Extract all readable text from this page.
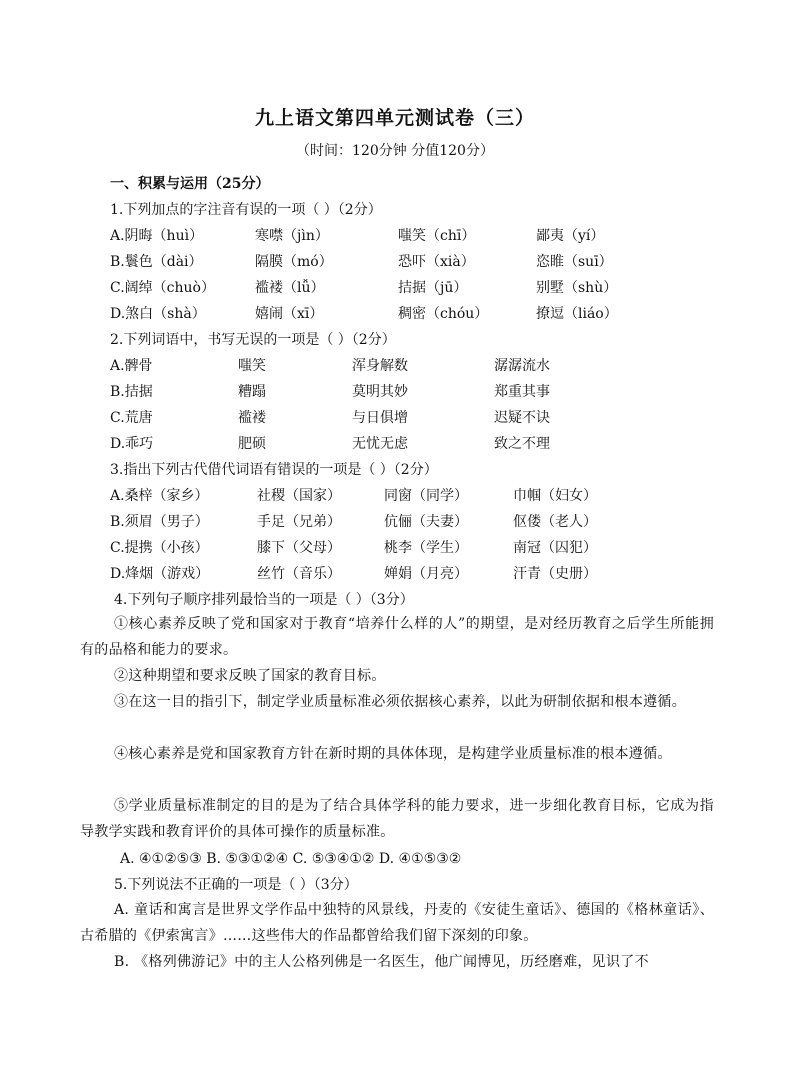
九上语文第四单元测试卷（三）
（时间：120分钟 分值120分）
一、积累与运用（25分）
1.下列加点的字注音有误的一项（ ）（2分）
A.阴晦（huì）	寒噤（jìn）	嗤笑（chī）	鄙夷（yí）
B.鬟色（dài）	隔膜（mó）	恐吓（xià）	恣睢（suī）
C.阔绰（chuò）	褴褛（lǚ）	拮据（jū）	别墅（shù）
D.煞白（shà）	嬉闹（xī）	稠密（chóu）	撩逗（liáo）
2.下列词语中，书写无误的一项是（ ）（2分）
A.髀骨	嗤笑	浑身解数	潺潺流水
B.拮据	糟蹋	莫明其妙	郑重其事
C.荒唐	褴褛	与日俱增	迟疑不诀
D.乖巧	肥硕	无忧无虑	致之不理
3.指出下列古代借代词语有错误的一项是（ ）（2分）
A.桑梓（家乡）	社稷（国家）	同窗（同学）	巾帼（妇女）
B.须眉（男子）	手足（兄弟）	伉俪（夫妻）	伛偻（老人）
C.提携（小孩）	膝下（父母）	桃李（学生）	南冠（囚犯）
D.烽烟（游戏）	丝竹（音乐）	婵娟（月亮）	汗青（史册）
4.下列句子顺序排列最恰当的一项是（ ）（3分）
①核心素养反映了党和国家对于教育“培养什么样的人”的期望，是对经历教育之后学生所能拥有的品格和能力的要求。
②这种期望和要求反映了国家的教育目标。
③在这一目的指引下，制定学业质量标准必须依据核心素养，以此为研制依据和根本遵循。
④核心素养是党和国家教育方针在新时期的具体体现，是构建学业质量标准的根本遵循。
⑤学业质量标准制定的目的是为了结合具体学科的能力要求，进一步细化教育目标，它成为指导教学实践和教育评价的具体可操作的质量标准。
A. ④①②⑤③ B. ⑤③①②④ C. ⑤③④①② D. ④①⑤③②
5.下列说法不正确的一项是（ ）（3分）
A. 童话和寓言是世界文学作品中独特的风景线，丹麦的《安徒生童话》、德国的《格林童话》、古希腊的《伊索寓言》……这些伟大的作品都曾给我们留下深刻的印象。
B. 《格列佛游记》中的主人公格列佛是一名医生，他广闻博见，历经磨难，见识了不
